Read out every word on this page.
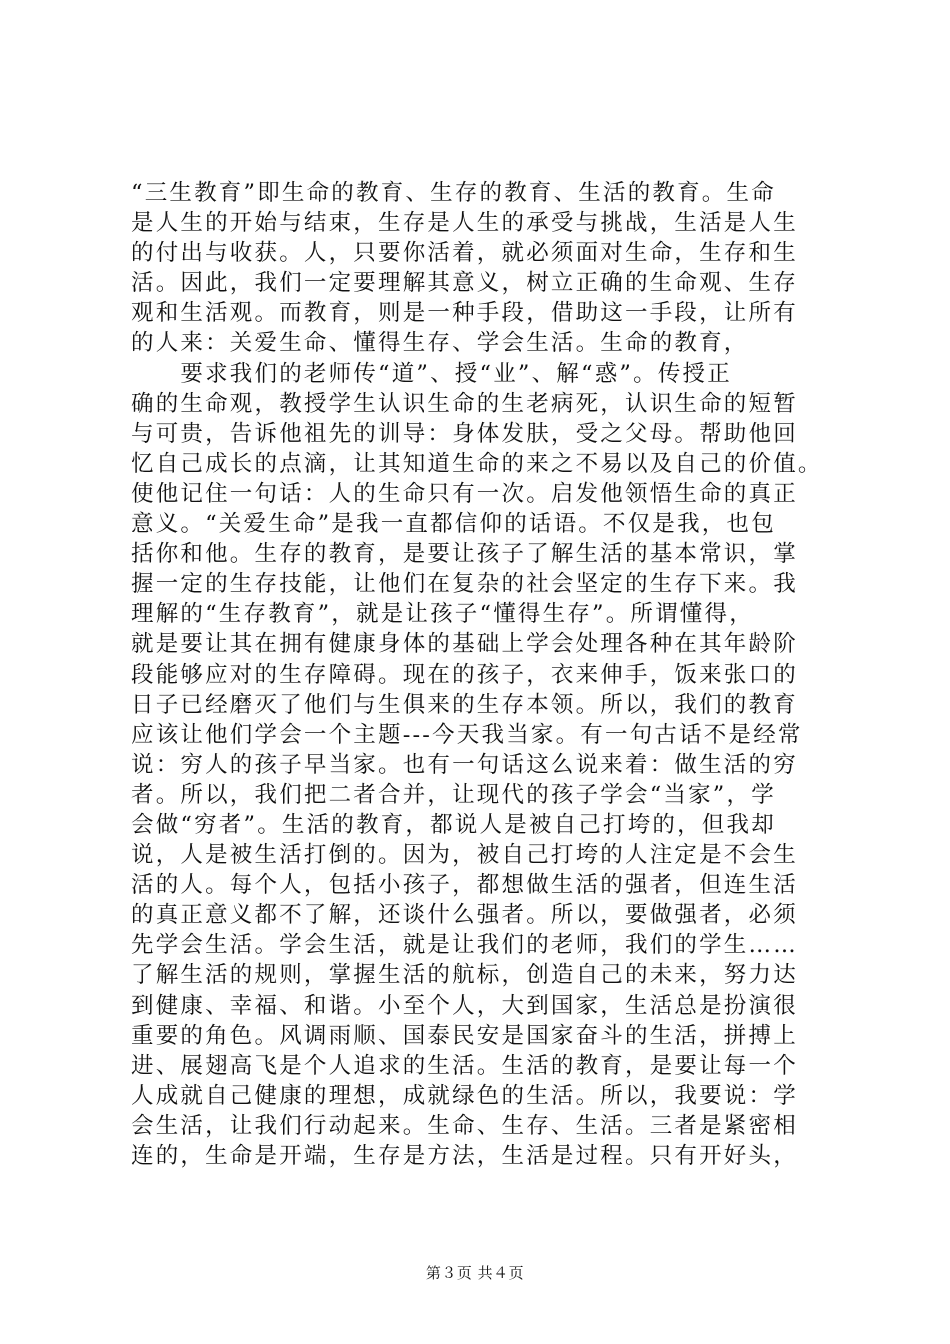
“三生教育”即生命的教育、生存的教育、生活的教育。生命
是人生的开始与结束，生存是人生的承受与挑战，生活是人生
的付出与收获。人，只要你活着，就必须面对生命，生存和生
活。因此，我们一定要理解其意义，树立正确的生命观、生存
观和生活观。而教育，则是一种手段，借助这一手段，让所有
的人来：关爱生命、懂得生存、学会生活。生命的教育，
　　要求我们的老师传“道”、授“业”、解“惑”。传授正
确的生命观，教授学生认识生命的生老病死，认识生命的短暂
与可贵，告诉他祖先的训导：身体发肤，受之父母。帮助他回
忆自己成长的点滴，让其知道生命的来之不易以及自己的价值。
使他记住一句话：人的生命只有一次。启发他领悟生命的真正
意义。“关爱生命”是我一直都信仰的话语。不仅是我，也包
括你和他。生存的教育，是要让孩子了解生活的基本常识，掌
握一定的生存技能，让他们在复杂的社会坚定的生存下来。我
理解的“生存教育”，就是让孩子“懂得生存”。所谓懂得，
就是要让其在拥有健康身体的基础上学会处理各种在其年龄阶
段能够应对的生存障碍。现在的孩子，衣来伸手，饭来张口的
日子已经磨灭了他们与生俱来的生存本领。所以，我们的教育
应该让他们学会一个主题---今天我当家。有一句古话不是经常
说：穷人的孩子早当家。也有一句话这么说来着：做生活的穷
者。所以，我们把二者合并，让现代的孩子学会“当家”，学
会做“穷者”。生活的教育，都说人是被自己打垮的，但我却
说，人是被生活打倒的。因为，被自己打垮的人注定是不会生
活的人。每个人，包括小孩子，都想做生活的强者，但连生活
的真正意义都不了解，还谈什么强者。所以，要做强者，必须
先学会生活。学会生活，就是让我们的老师，我们的学生……
了解生活的规则，掌握生活的航标，创造自己的未来，努力达
到健康、幸福、和谐。小至个人，大到国家，生活总是扮演很
重要的角色。风调雨顺、国泰民安是国家奋斗的生活，拼搏上
进、展翅高飞是个人追求的生活。生活的教育，是要让每一个
人成就自己健康的理想，成就绿色的生活。所以，我要说：学
会生活，让我们行动起来。生命、生存、生活。三者是紧密相
连的，生命是开端，生存是方法，生活是过程。只有开好头，
第３页 共４页
